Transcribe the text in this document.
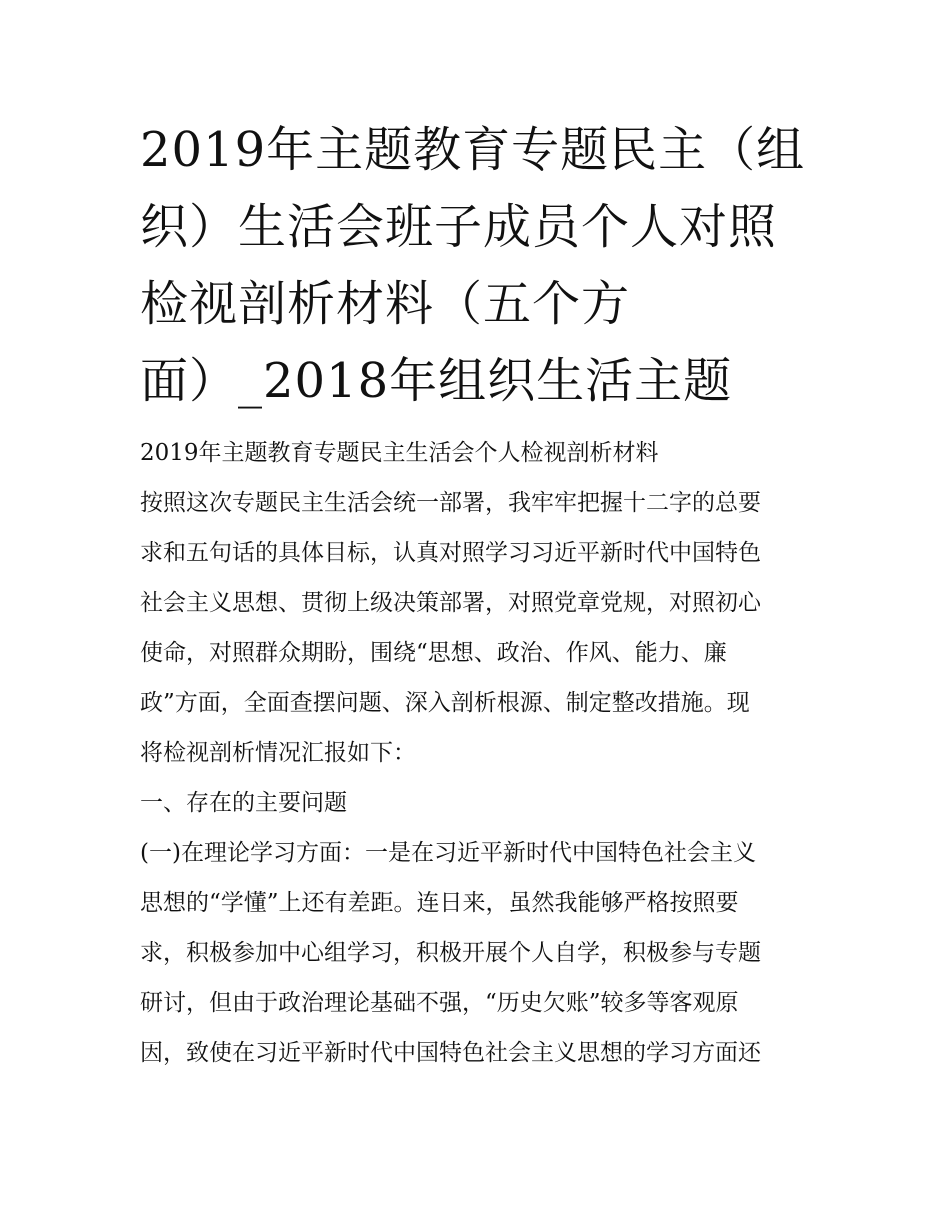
2019年主题教育专题民主（组
织）生活会班子成员个人对照
检视剖析材料（五个方
面）_2018年组织生活主题

2019年主题教育专题民主生活会个人检视剖析材料

按照这次专题民主生活会统一部署，我牢牢把握十二字的总要
求和五句话的具体目标，认真对照学习习近平新时代中国特色
社会主义思想、贯彻上级决策部署，对照党章党规，对照初心
使命，对照群众期盼，围绕“思想、政治、作风、能力、廉
政”方面，全面查摆问题、深入剖析根源、制定整改措施。现
将检视剖析情况汇报如下：

一、存在的主要问题

(一)在理论学习方面：一是在习近平新时代中国特色社会主义
思想的“学懂”上还有差距。连日来，虽然我能够严格按照要
求，积极参加中心组学习，积极开展个人自学，积极参与专题
研讨，但由于政治理论基础不强，“历史欠账”较多等客观原
因，致使在习近平新时代中国特色社会主义思想的学习方面还
